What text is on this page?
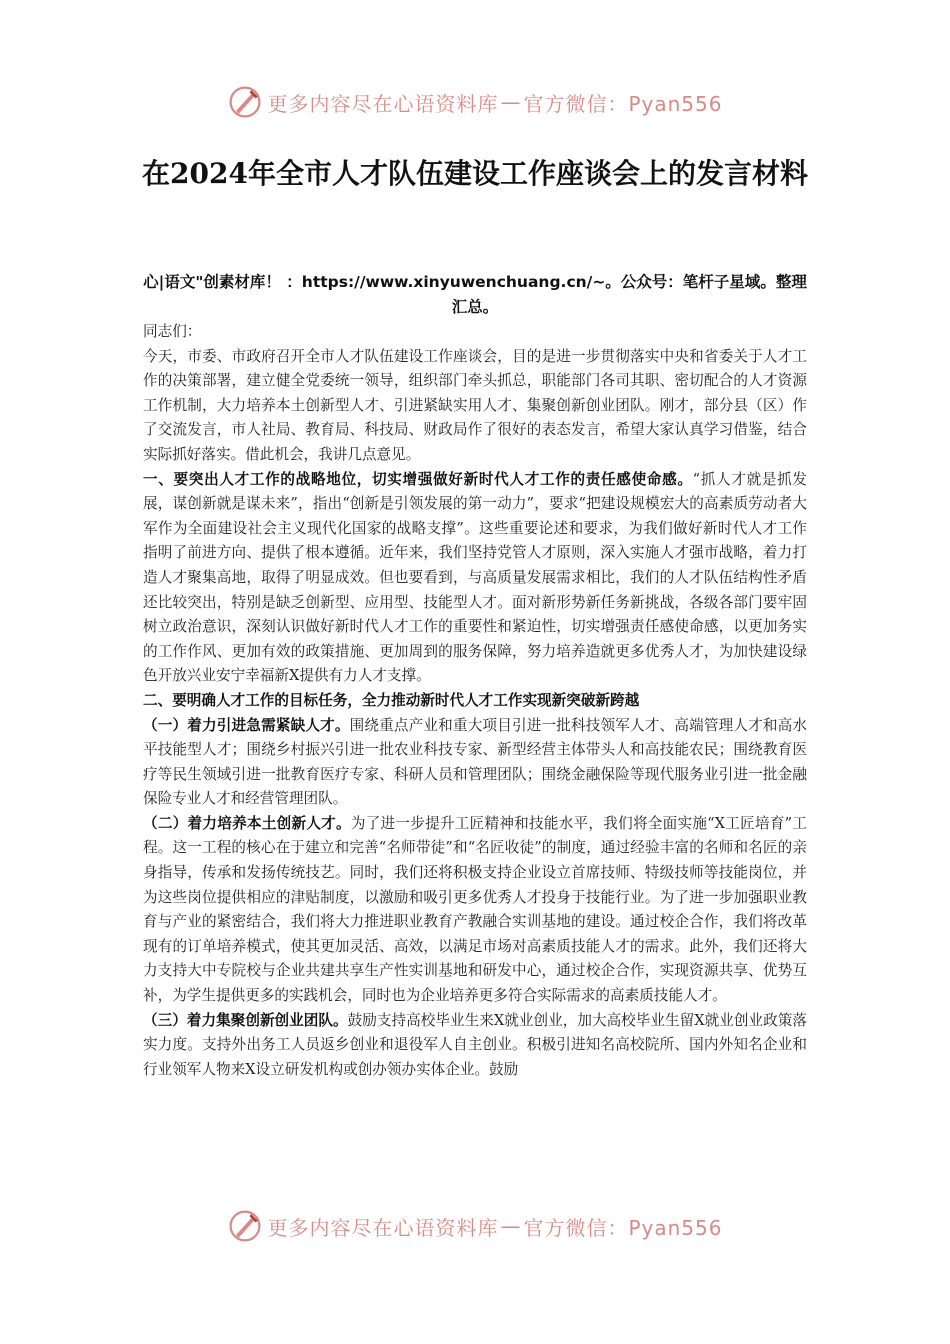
更多内容尽在心语资料库 — 官方微信：Pyan556
在2024年全市人才队伍建设工作座谈会上的发言材料
心|语文"创素材库！ ：https://www.xinyuwenchuang.cn/~。公众号：笔杆子星域。整理汇总。

同志们：

今天，市委、市政府召开全市人才队伍建设工作座谈会，目的是进一步贯彻落实中央和省委关于人才工作的决策部署，建立健全党委统一领导，组织部门牵头抓总，职能部门各司其职、密切配合的人才资源工作机制，大力培养本土创新型人才、引进紧缺实用人才、集聚创新创业团队。刚才，部分县（区）作了交流发言，市人社局、教育局、科技局、财政局作了很好的表态发言，希望大家认真学习借鉴，结合实际抓好落实。借此机会，我讲几点意见。

一、要突出人才工作的战略地位，切实增强做好新时代人才工作的责任感使命感。“抓人才就是抓发展，谋创新就是谋未来”，指出“创新是引领发展的第一动力”，要求“把建设规模宏大的高素质劳动者大军作为全面建设社会主义现代化国家的战略支撑”。这些重要论述和要求，为我们做好新时代人才工作指明了前进方向、提供了根本遵循。近年来，我们坚持党管人才原则，深入实施人才强市战略，着力打造人才聚集高地，取得了明显成效。但也要看到，与高质量发展需求相比，我们的人才队伍结构性矛盾还比较突出，特别是缺乏创新型、应用型、技能型人才。面对新形势新任务新挑战，各级各部门要牢固树立政治意识，深刻认识做好新时代人才工作的重要性和紧迫性，切实增强责任感使命感，以更加务实的工作作风、更加有效的政策措施、更加周到的服务保障，努力培养造就更多优秀人才，为加快建设绿色开放兴业安宁幸福新X提供有力人才支撑。

二、要明确人才工作的目标任务，全力推动新时代人才工作实现新突破新跨越

（一）着力引进急需紧缺人才。围绕重点产业和重大项目引进一批科技领军人才、高端管理人才和高水平技能型人才；围绕乡村振兴引进一批农业科技专家、新型经营主体带头人和高技能农民；围绕教育医疗等民生领域引进一批教育医疗专家、科研人员和管理团队；围绕金融保险等现代服务业引进一批金融保险专业人才和经营管理团队。

（二）着力培养本土创新人才。为了进一步提升工匠精神和技能水平，我们将全面实施“X工匠培育”工程。这一工程的核心在于建立和完善“名师带徒”和“名匠收徒”的制度，通过经验丰富的名师和名匠的亲身指导，传承和发扬传统技艺。同时，我们还将积极支持企业设立首席技师、特级技师等技能岗位，并为这些岗位提供相应的津贴制度，以激励和吸引更多优秀人才投身于技能行业。为了进一步加强职业教育与产业的紧密结合，我们将大力推进职业教育产教融合实训基地的建设。通过校企合作，我们将改革现有的订单培养模式，使其更加灵活、高效，以满足市场对高素质技能人才的需求。此外，我们还将大力支持大中专院校与企业共建共享生产性实训基地和研发中心，通过校企合作，实现资源共享、优势互补，为学生提供更多的实践机会，同时也为企业培养更多符合实际需求的高素质技能人才。

（三）着力集聚创新创业团队。鼓励支持高校毕业生来X就业创业，加大高校毕业生留X就业创业政策落实力度。支持外出务工人员返乡创业和退役军人自主创业。积极引进知名高校院所、国内外知名企业和行业领军人物来X设立研发机构或创办领办实体企业。鼓励

更多内容尽在心语资料库 — 官方微信：Pyan556
